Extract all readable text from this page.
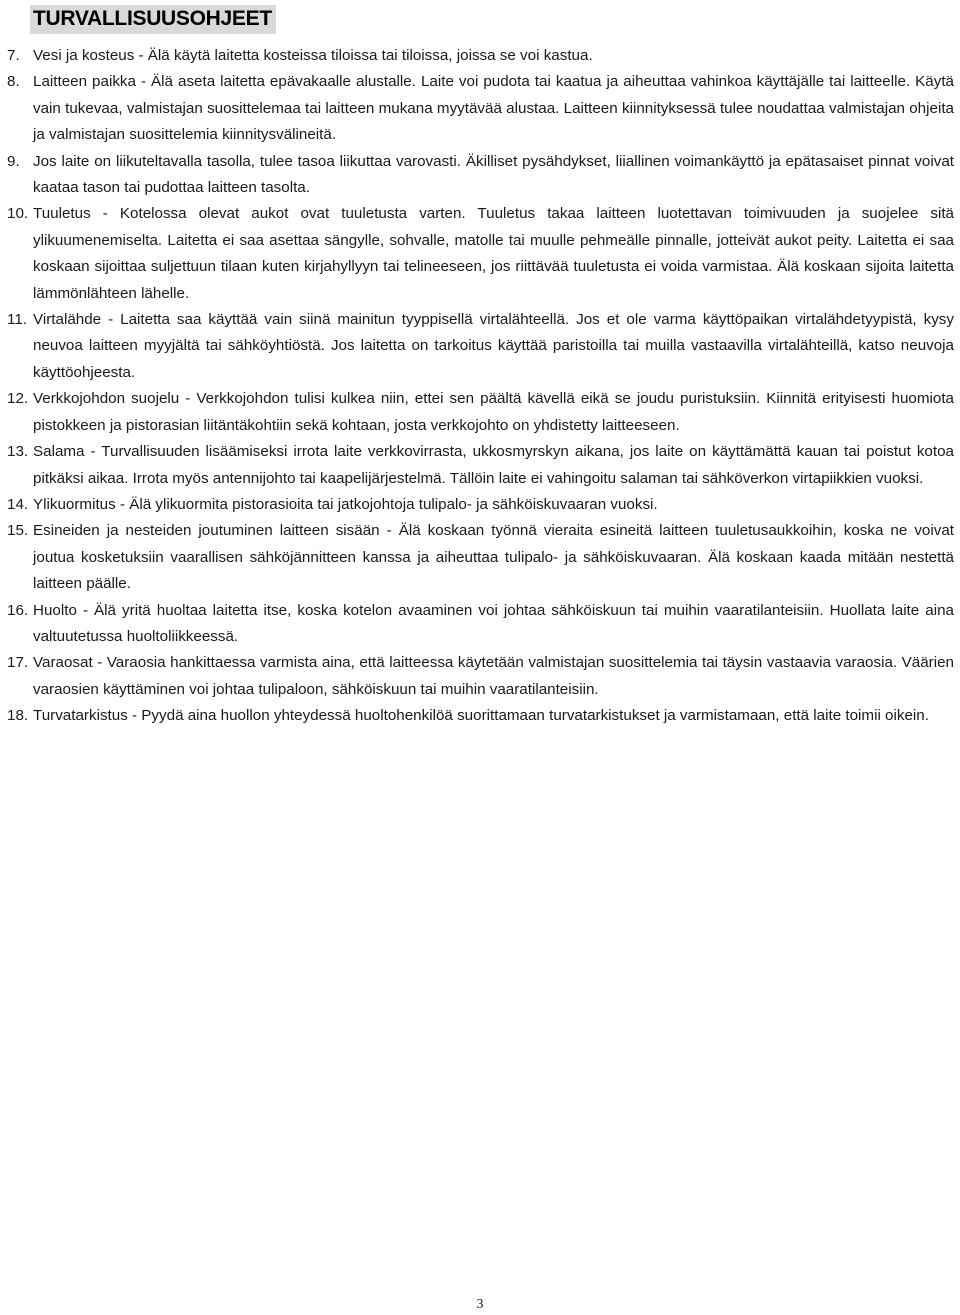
TURVALLISUUSOHJEET
7. Vesi ja kosteus - Älä käytä laitetta kosteissa tiloissa tai tiloissa, joissa se voi kastua.
8. Laitteen paikka - Älä aseta laitetta epävakaalle alustalle. Laite voi pudota tai kaatua ja aiheuttaa vahinkoa käyttäjälle tai laitteelle. Käytä vain tukevaa, valmistajan suosittelemaa tai laitteen mukana myytävää alustaa. Laitteen kiinnityksessä tulee noudattaa valmistajan ohjeita ja valmistajan suosittelemia kiinnitysvälineitä.
9. Jos laite on liikuteltavalla tasolla, tulee tasoa liikuttaa varovasti. Äkilliset pysähdykset, liiallinen voimankäyttö ja epätasaiset pinnat voivat kaataa tason tai pudottaa laitteen tasolta.
10. Tuuletus - Kotelossa olevat aukot ovat tuuletusta varten. Tuuletus takaa laitteen luotettavan toimivuuden ja suojelee sitä ylikuumenemiselta. Laitetta ei saa asettaa sängylle, sohvalle, matolle tai muulle pehmeälle pinnalle, jotteivät aukot peity. Laitetta ei saa koskaan sijoittaa suljettuun tilaan kuten kirjahyllyyn tai telineeseen, jos riittävää tuuletusta ei voida varmistaa. Älä koskaan sijoita laitetta lämmönlähteen lähelle.
11. Virtalähde - Laitetta saa käyttää vain siinä mainitun tyyppisellä virtalähteellä. Jos et ole varma käyttöpaikan virtalähdetyypistä, kysy neuvoa laitteen myyjältä tai sähköyhtiöstä. Jos laitetta on tarkoitus käyttää paristoilla tai muilla vastaavilla virtalähteillä, katso neuvoja käyttöohjeesta.
12. Verkkojohdon suojelu - Verkkojohdon tulisi kulkea niin, ettei sen päältä kävellä eikä se joudu puristuksiin. Kiinnitä erityisesti huomiota pistokkeen ja pistorasian liitäntäkohtiin sekä kohtaan, josta verkkojohto on yhdistetty laitteeseen.
13. Salama - Turvallisuuden lisäämiseksi irrota laite verkkovirrasta, ukkosmyrskyn aikana, jos laite on käyttämättä kauan tai poistut kotoa pitkäksi aikaa. Irrota myös antennijohto tai kaapelijärjestelmä. Tällöin laite ei vahingoitu salaman tai sähköverkon virtapiikkien vuoksi.
14. Ylikuormitus - Älä ylikuormita pistorasioita tai jatkojohtoja tulipalo- ja sähköiskuvaaran vuoksi.
15. Esineiden ja nesteiden joutuminen laitteen sisään - Älä koskaan työnnä vieraita esineitä laitteen tuuletusaukkoihin, koska ne voivat joutua kosketuksiin vaarallisen sähköjännitteen kanssa ja aiheuttaa tulipalo- ja sähköiskuvaaran. Älä koskaan kaada mitään nestettä laitteen päälle.
16. Huolto - Älä yritä huoltaa laitetta itse, koska kotelon avaaminen voi johtaa sähköiskuun tai muihin vaaratilanteisiin. Huollata laite aina valtuutetussa huoltoliikkeessä.
17. Varaosat - Varaosia hankittaessa varmista aina, että laitteessa käytetään valmistajan suosittelemia tai täysin vastaavia varaosia. Väärien varaosien käyttäminen voi johtaa tulipaloon, sähköiskuun tai muihin vaaratilanteisiin.
18. Turvatarkistus - Pyydä aina huollon yhteydessä huoltohenkilöä suorittamaan turvatarkistukset ja varmistamaan, että laite toimii oikein.
3
